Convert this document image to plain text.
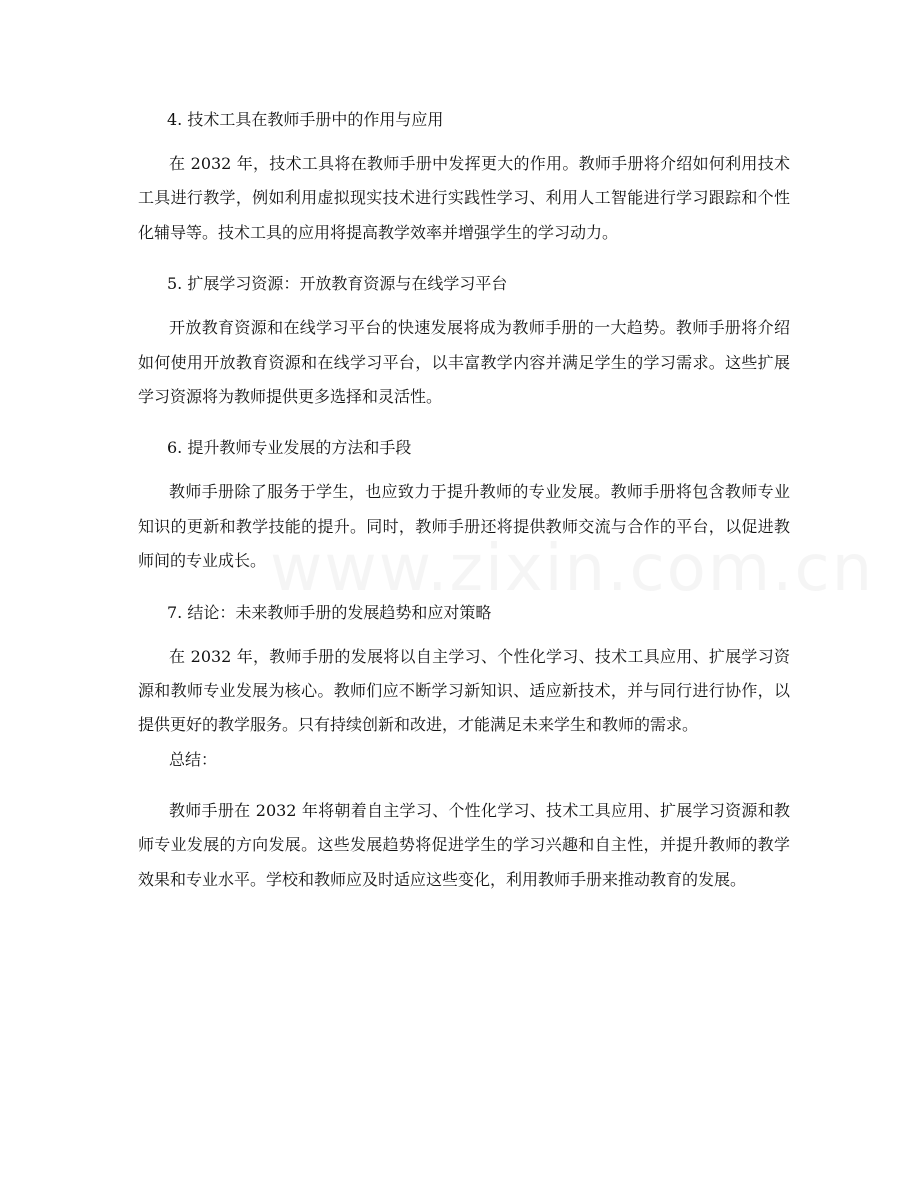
www.zixin.com.cn
4. 技术工具在教师手册中的作用与应用

在 2032 年，技术工具将在教师手册中发挥更大的作用。教师手册将介绍如何利用技术工具进行教学，例如利用虚拟现实技术进行实践性学习、利用人工智能进行学习跟踪和个性化辅导等。技术工具的应用将提高教学效率并增强学生的学习动力。

5. 扩展学习资源：开放教育资源与在线学习平台

开放教育资源和在线学习平台的快速发展将成为教师手册的一大趋势。教师手册将介绍如何使用开放教育资源和在线学习平台，以丰富教学内容并满足学生的学习需求。这些扩展学习资源将为教师提供更多选择和灵活性。

6. 提升教师专业发展的方法和手段

教师手册除了服务于学生，也应致力于提升教师的专业发展。教师手册将包含教师专业知识的更新和教学技能的提升。同时，教师手册还将提供教师交流与合作的平台，以促进教师间的专业成长。

7. 结论：未来教师手册的发展趋势和应对策略

在 2032 年，教师手册的发展将以自主学习、个性化学习、技术工具应用、扩展学习资源和教师专业发展为核心。教师们应不断学习新知识、适应新技术，并与同行进行协作，以提供更好的教学服务。只有持续创新和改进，才能满足未来学生和教师的需求。

总结：

教师手册在 2032 年将朝着自主学习、个性化学习、技术工具应用、扩展学习资源和教师专业发展的方向发展。这些发展趋势将促进学生的学习兴趣和自主性，并提升教师的教学效果和专业水平。学校和教师应及时适应这些变化，利用教师手册来推动教育的发展。
